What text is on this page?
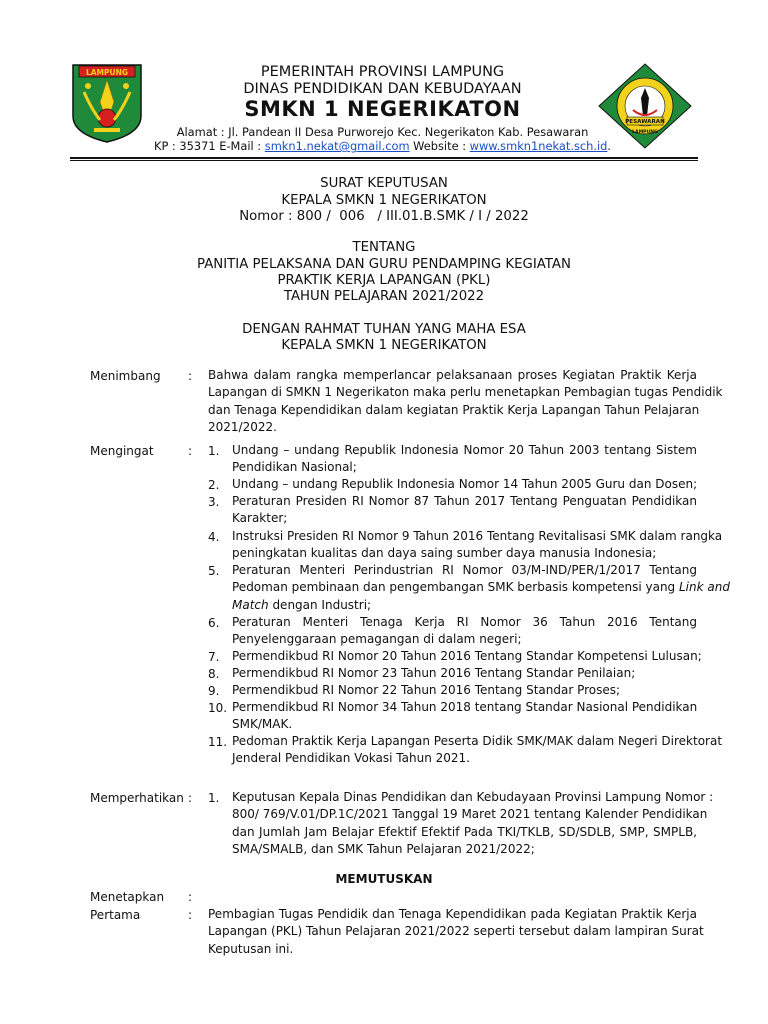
LAMPUNG
PESAWARAN
LAMPUNG
PEMERINTAH PROVINSI LAMPUNG
DINAS PENDIDIKAN DAN KEBUDAYAAN
SMKN 1 NEGERIKATON
Alamat : Jl. Pandean II Desa Purworejo Kec. Negerikaton Kab. Pesawaran
KP : 35371 E-Mail : smkn1.nekat@gmail.com Website : www.smkn1nekat.sch.id.
SURAT KEPUTUSAN
KEPALA SMKN 1 NEGERIKATON
Nomor : 800 /  006   / III.01.B.SMK / I / 2022
TENTANG
PANITIA PELAKSANA DAN GURU PENDAMPING KEGIATAN
PRAKTIK KERJA LAPANGAN (PKL)
TAHUN PELAJARAN 2021/2022
DENGAN RAHMAT TUHAN YANG MAHA ESA
KEPALA SMKN 1 NEGERIKATON
Menimbang : Bahwa dalam rangka memperlancar pelaksanaan proses Kegiatan Praktik Kerja
Lapangan di SMKN 1 Negerikaton maka perlu menetapkan Pembagian tugas Pendidik
dan Tenaga Kependidikan dalam kegiatan Praktik Kerja Lapangan Tahun Pelajaran
2021/2022.
Mengingat	: 1. Undang – undang Republik Indonesia Nomor 20 Tahun 2003 tentang Sistem
Pendidikan Nasional;
2. Undang – undang Republik Indonesia Nomor 14 Tahun 2005 Guru dan Dosen;
3. Peraturan Presiden RI Nomor 87 Tahun 2017 Tentang Penguatan Pendidikan
Karakter;
4. Instruksi Presiden RI Nomor 9 Tahun 2016 Tentang Revitalisasi SMK dalam rangka
peningkatan kualitas dan daya saing sumber daya manusia Indonesia;
5. Peraturan Menteri Perindustrian RI Nomor 03/M-IND/PER/1/2017 Tentang
Pedoman pembinaan dan pengembangan SMK berbasis kompetensi yang Link and
Match dengan Industri;
6. Peraturan Menteri Tenaga Kerja RI Nomor 36 Tahun 2016 Tentang
Penyelenggaraan pemagangan di dalam negeri;
7. Permendikbud RI Nomor 20 Tahun 2016 Tentang Standar Kompetensi Lulusan;
8. Permendikbud RI Nomor 23 Tahun 2016 Tentang Standar Penilaian;
9. Permendikbud RI Nomor 22 Tahun 2016 Tentang Standar Proses;
10. Permendikbud RI Nomor 34 Tahun 2018 tentang Standar Nasional Pendidikan
SMK/MAK.
11. Pedoman Praktik Kerja Lapangan Peserta Didik SMK/MAK dalam Negeri Direktorat
Jenderal Pendidikan Vokasi Tahun 2021.
Memperhatikan : 1. Keputusan Kepala Dinas Pendidikan dan Kebudayaan Provinsi Lampung Nomor :
800/ 769/V.01/DP.1C/2021 Tanggal 19 Maret 2021 tentang Kalender Pendidikan
dan Jumlah Jam Belajar Efektif Efektif Pada TKI/TKLB, SD/SDLB, SMP, SMPLB,
SMA/SMALB, dan SMK Tahun Pelajaran 2021/2022;
MEMUTUSKAN
Menetapkan :
Pertama	: Pembagian Tugas Pendidik dan Tenaga Kependidikan pada Kegiatan Praktik Kerja
Lapangan (PKL) Tahun Pelajaran 2021/2022 seperti tersebut dalam lampiran Surat
Keputusan ini.
